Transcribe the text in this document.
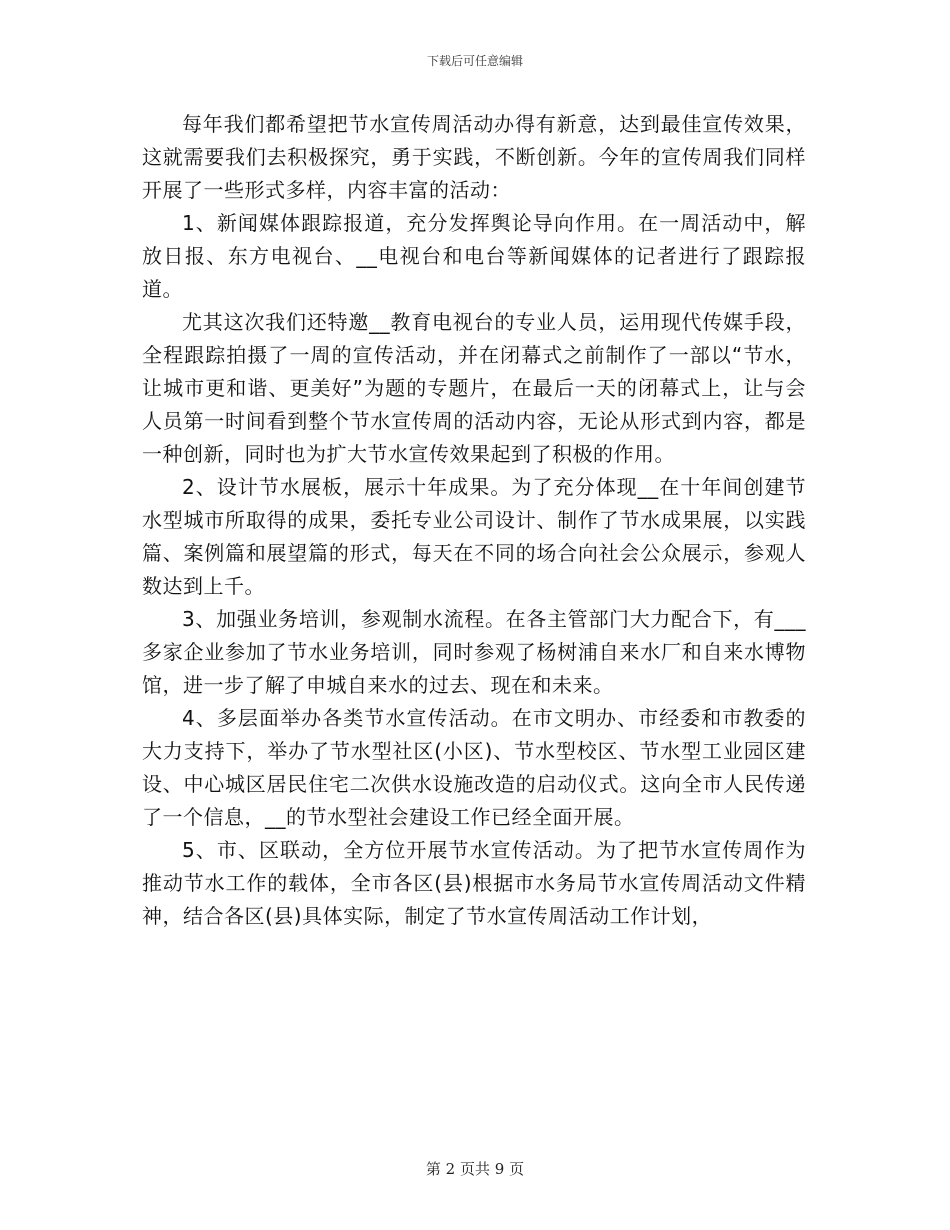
下载后可任意编辑

每年我们都希望把节水宣传周活动办得有新意，达到最佳宣传效果，这就需要我们去积极探究，勇于实践，不断创新。今年的宣传周我们同样开展了一些形式多样，内容丰富的活动：

1、新闻媒体跟踪报道，充分发挥舆论导向作用。在一周活动中，解放日报、东方电视台、__电视台和电台等新闻媒体的记者进行了跟踪报道。

尤其这次我们还特邀__教育电视台的专业人员，运用现代传媒手段，全程跟踪拍摄了一周的宣传活动，并在闭幕式之前制作了一部以“节水，让城市更和谐、更美好”为题的专题片，在最后一天的闭幕式上，让与会人员第一时间看到整个节水宣传周的活动内容，无论从形式到内容，都是一种创新，同时也为扩大节水宣传效果起到了积极的作用。

2、设计节水展板，展示十年成果。为了充分体现__在十年间创建节水型城市所取得的成果，委托专业公司设计、制作了节水成果展，以实践篇、案例篇和展望篇的形式，每天在不同的场合向社会公众展示，参观人数达到上千。

3、加强业务培训，参观制水流程。在各主管部门大力配合下，有___多家企业参加了节水业务培训，同时参观了杨树浦自来水厂和自来水博物馆，进一步了解了申城自来水的过去、现在和未来。

4、多层面举办各类节水宣传活动。在市文明办、市经委和市教委的大力支持下，举办了节水型社区(小区)、节水型校区、节水型工业园区建设、中心城区居民住宅二次供水设施改造的启动仪式。这向全市人民传递了一个信息，__的节水型社会建设工作已经全面开展。

5、市、区联动，全方位开展节水宣传活动。为了把节水宣传周作为推动节水工作的载体，全市各区(县)根据市水务局节水宣传周活动文件精神，结合各区(县)具体实际，制定了节水宣传周活动工作计划，

第 2 页共 9 页
